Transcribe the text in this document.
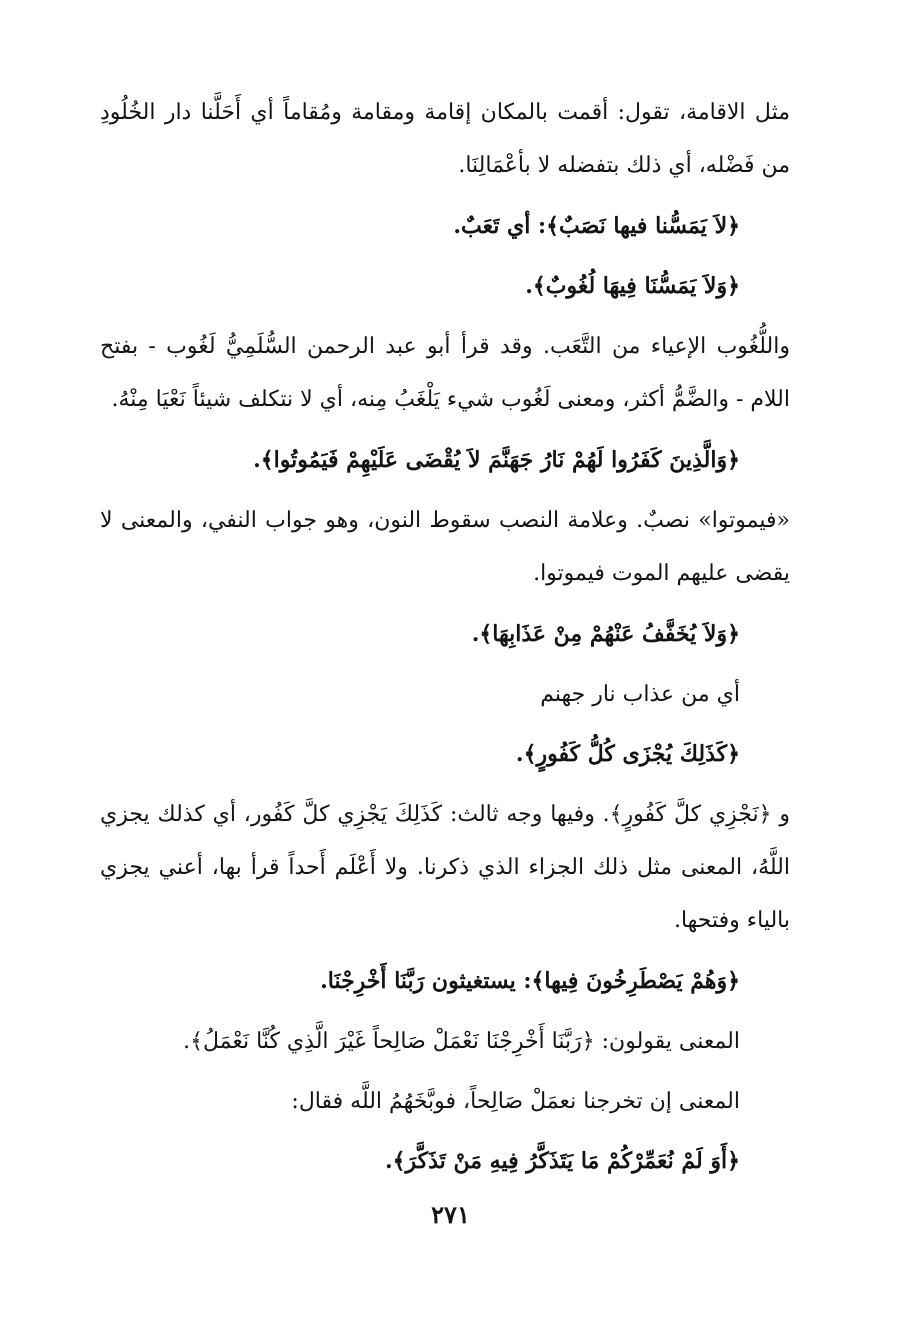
مثل الاقامة، تقول: أقمت بالمكان إقامة ومقامة ومُقاماً أي أَحَلَّنا دار الخُلُودِ من فَضْله، أي ذلك بتفضله لا بأعْمَالِنَا.
﴿لاَ يَمَسُّنا فيها نَصَبٌ﴾: أي تَعَبٌ.
﴿وَلاَ يَمَسُّنَا فِيهَا لُغُوبٌ﴾.
واللُّغُوب الإعياء من التَّعَب. وقد قرأ أبو عبد الرحمن السُّلَمِيُّ لَغُوب - بفتح اللام - والضَّمُّ أكثر، ومعنى لَغُوب شيء يَلْغَبُ مِنه، أي لا نتكلف شيئاً نَعْيَا مِنْهُ.
﴿وَالَّذِينَ كَفَرُوا لَهُمْ نَارُ جَهَنَّمَ لاَ يُقْضَى عَلَيْهِمْ فَيَمُوتُوا﴾.
«فيموتوا» نصبٌ. وعلامة النصب سقوط النون، وهو جواب النفي، والمعنى لا يقضى عليهم الموت فيموتوا.
﴿وَلاَ يُخَفَّفُ عَنْهُمْ مِنْ عَذَابِهَا﴾.
أي من عذاب نار جهنم
﴿كَذَلِكَ يُجْزَى كُلُّ كَفُورٍ﴾.
و ﴿نَجْزِي كلَّ كَفُورٍ﴾. وفيها وجه ثالث: كَذَلِكَ يَجْزِي كلَّ كَفُور، أي كذلك يجزي اللَّهُ، المعنى مثل ذلك الجزاء الذي ذكرنا. ولا أَعْلَم أَحداً قرأ بها، أعني يجزي بالياء وفتحها.
﴿وَهُمْ يَصْطَرِخُونَ فِيها﴾: يستغيثون رَبَّنَا أَخْرِجْنَا.
المعنى يقولون: ﴿رَبَّنَا أَخْرِجْنَا نَعْمَلْ صَالِحاً غَيْرَ الَّذِي كُنَّا نَعْمَلُ﴾.
المعنى إن تخرجنا نعمَلْ صَالِحاً، فوبَّخَهُمُ اللَّه فقال:
﴿أَوَ لَمْ نُعَمِّرْكُمْ مَا يَتَذَكَّرُ فِيهِ مَنْ تَذَكَّرَ﴾.
٢٧١
